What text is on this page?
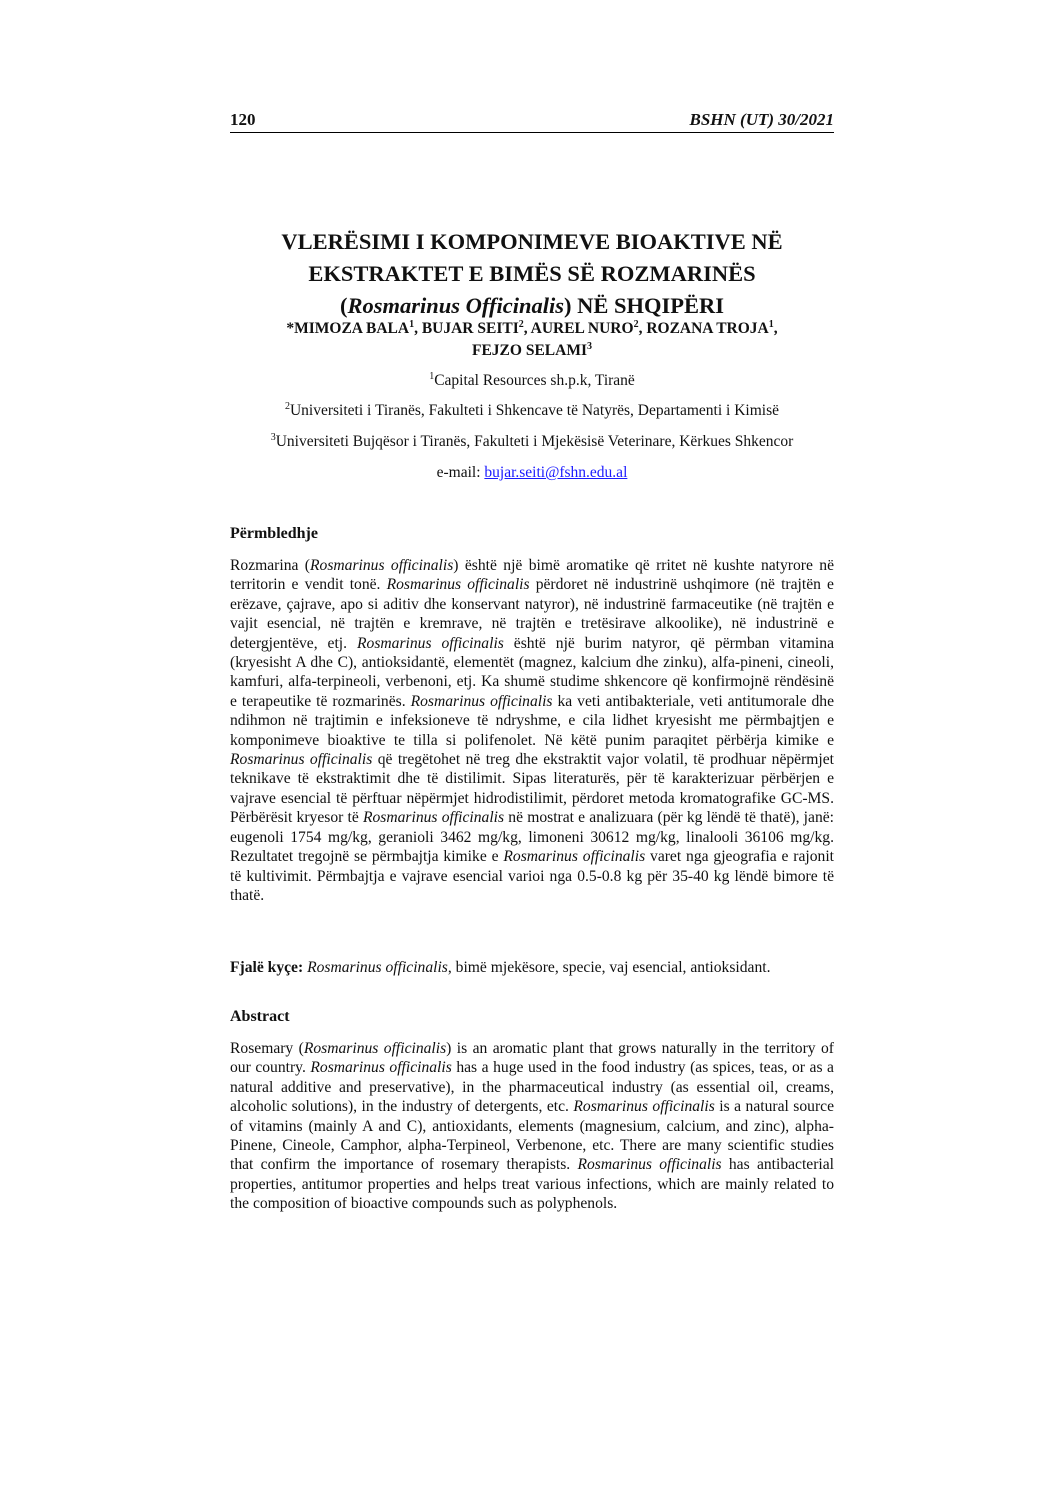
120	BSHN (UT) 30/2021
VLERËSIMI I KOMPONIMEVE BIOAKTIVE NË
EKSTRAKTET E BIMËS SË ROZMARINËS
(Rosmarinus Officinalis) NË SHQIPËRI
*MIMOZA BALA$^1$, BUJAR SEITI$^2$, AUREL NURO$^2$, ROZANA TROJA$^1$,
FEJZO SELAMI$^3$
$^1$Capital Resources sh.p.k, Tiranë
$^2$Universiteti i Tiranës, Fakulteti i Shkencave të Natyrës, Departamenti i Kimisë
$^3$Universiteti Bujqësor i Tiranës, Fakulteti i Mjekësisë Veterinare, Kërkues Shkencor
e-mail: bujar.seiti@fshn.edu.al
Përmbledhje

Rozmarina (Rosmarinus officinalis) është një bimë aromatike që rritet në kushte natyrore në territorin e vendit tonë. Rosmarinus officinalis përdoret në industrinë ushqimore (në trajtën e erëzave, çajrave, apo si aditiv dhe konservant natyror), në industrinë farmaceutike (në trajtën e vajit esencial, në trajtën e kremrave, në trajtën e tretësirave alkoolike), në industrinë e detergjentëve, etj. Rosmarinus officinalis është një burim natyror, që përmban vitamina (kryesisht A dhe C), antioksidantë, elementët (magnez, kalcium dhe zinku), alfa-pineni, cineoli, kamfuri, alfa-terpineoli, verbenoni, etj. Ka shumë studime shkencore që konfirmojnë rëndësinë e terapeutike të rozmarinës. Rosmarinus officinalis ka veti antibakteriale, veti antitumorale dhe ndihmon në trajtimin e infeksioneve të ndryshme, e cila lidhet kryesisht me përmbajtjen e komponimeve bioaktive te tilla si polifenolet. Në këtë punim paraqitet përbërja kimike e Rosmarinus officinalis që tregëtohet në treg dhe ekstraktit vajor volatil, të prodhuar nëpërmjet teknikave të ekstraktimit dhe të distilimit. Sipas literaturës, për të karakterizuar përbërjen e vajrave esencial të përftuar nëpërmjet hidrodistilimit, përdoret metoda kromatografike GC-MS. Përbërësit kryesor të Rosmarinus officinalis në mostrat e analizuara (për kg lëndë të thatë), janë: eugenoli 1754 mg/kg, geranioli 3462 mg/kg, limoneni 30612 mg/kg, linalooli 36106 mg/kg. Rezultatet tregojnë se përmbajtja kimike e Rosmarinus officinalis varet nga gjeografia e rajonit të kultivimit. Përmbajtja e vajrave esencial varioi nga 0.5-0.8 kg për 35-40 kg lëndë bimore të thatë.

Fjalë kyçe: Rosmarinus officinalis, bimë mjekësore, specie, vaj esencial, antioksidant.

Abstract

Rosemary (Rosmarinus officinalis) is an aromatic plant that grows naturally in the territory of our country. Rosmarinus officinalis has a huge used in the food industry (as spices, teas, or as a natural additive and preservative), in the pharmaceutical industry (as essential oil, creams, alcoholic solutions), in the industry of detergents, etc. Rosmarinus officinalis is a natural source of vitamins (mainly A and C), antioxidants, elements (magnesium, calcium, and zinc), alpha-Pinene, Cineole, Camphor, alpha-Terpineol, Verbenone, etc. There are many scientific studies that confirm the importance of rosemary therapists. Rosmarinus officinalis has antibacterial properties, antitumor properties and helps treat various infections, which are mainly related to the composition of bioactive compounds such as polyphenols.
